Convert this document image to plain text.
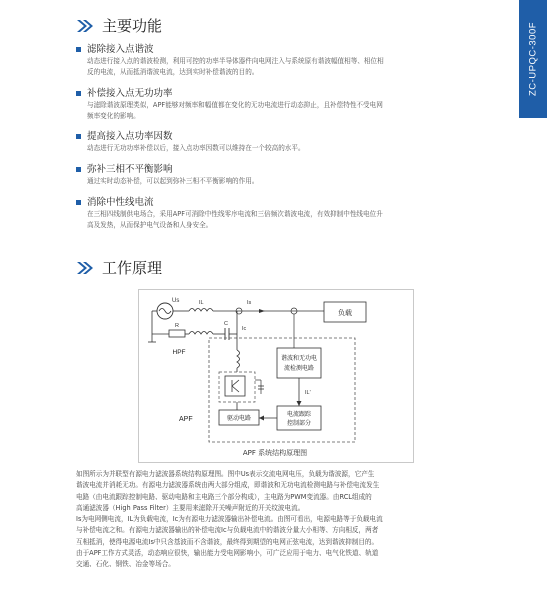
ZC-UPQC-300F
主要功能
滤除接入点谐波
动态进行接入点的谐波检测，利用可控的功率半导体器件向电网注入与系统原有谐波幅值相等、相位相
反的电流，从而抵消谐波电流，达到实时补偿谐波的目的。
补偿接入点无功功率
与滤除谐波原理类似，APF能够对频率和幅值都在变化的无功电流进行动态抑止，且补偿特性不受电网
频率变化的影响。
提高接入点功率因数
动态进行无功功率补偿以后，接入点功率因数可以维持在一个较高的水平。
弥补三相不平衡影响
通过实时动态补偿，可以起到弥补三相不平衡影响的作用。
消除中性线电流
在三相四线制供电场合，采用APF可消除中性线零序电流和三倍频次谐波电流，有效抑制中性线电位升
高及发热，从而保护电气设备和人身安全。
工作原理
Us	IL	Is
负载
R	C
HPF
APF
Ic
驱动电路
谐波和无功电
流检测电路
IL'
电流跟踪
控制部分
APF 系统结构原理图

如图所示为并联型有源电力滤波器系统结构原理图。图中Us表示交流电网电压，负载为谐波源，它产生

谐波电流并消耗无功。有源电力滤波器系统由两大部分组成，即谐波和无功电流检测电路与补偿电流发生

电路（由电流跟踪控制电路、驱动电路和主电路三个部分构成），主电路为PWM变流器。由RCL组成的

高通滤波器（High Pass Filter）主要用来滤除开关噪声附近的开关纹波电流。

Is为电网侧电流，IL为负载电流，Ic为有源电力滤波器输出补偿电流。由图可看出，电源电路等于负载电流

与补偿电流之和。有源电力滤波器输出的补偿电流Ic与负载电流中的谐波分量大小相等、方向相反，两者

互相抵消，使得电源电流Is中只含基波而不含谐波，最终得到期望的电网正弦电流，达到谐波抑制目的。

由于APF工作方式灵活，动态响应很快，输出能力受电网影响小，可广泛应用于电力、电气化铁道、轨道

交通、石化、钢铁、冶金等场合。
